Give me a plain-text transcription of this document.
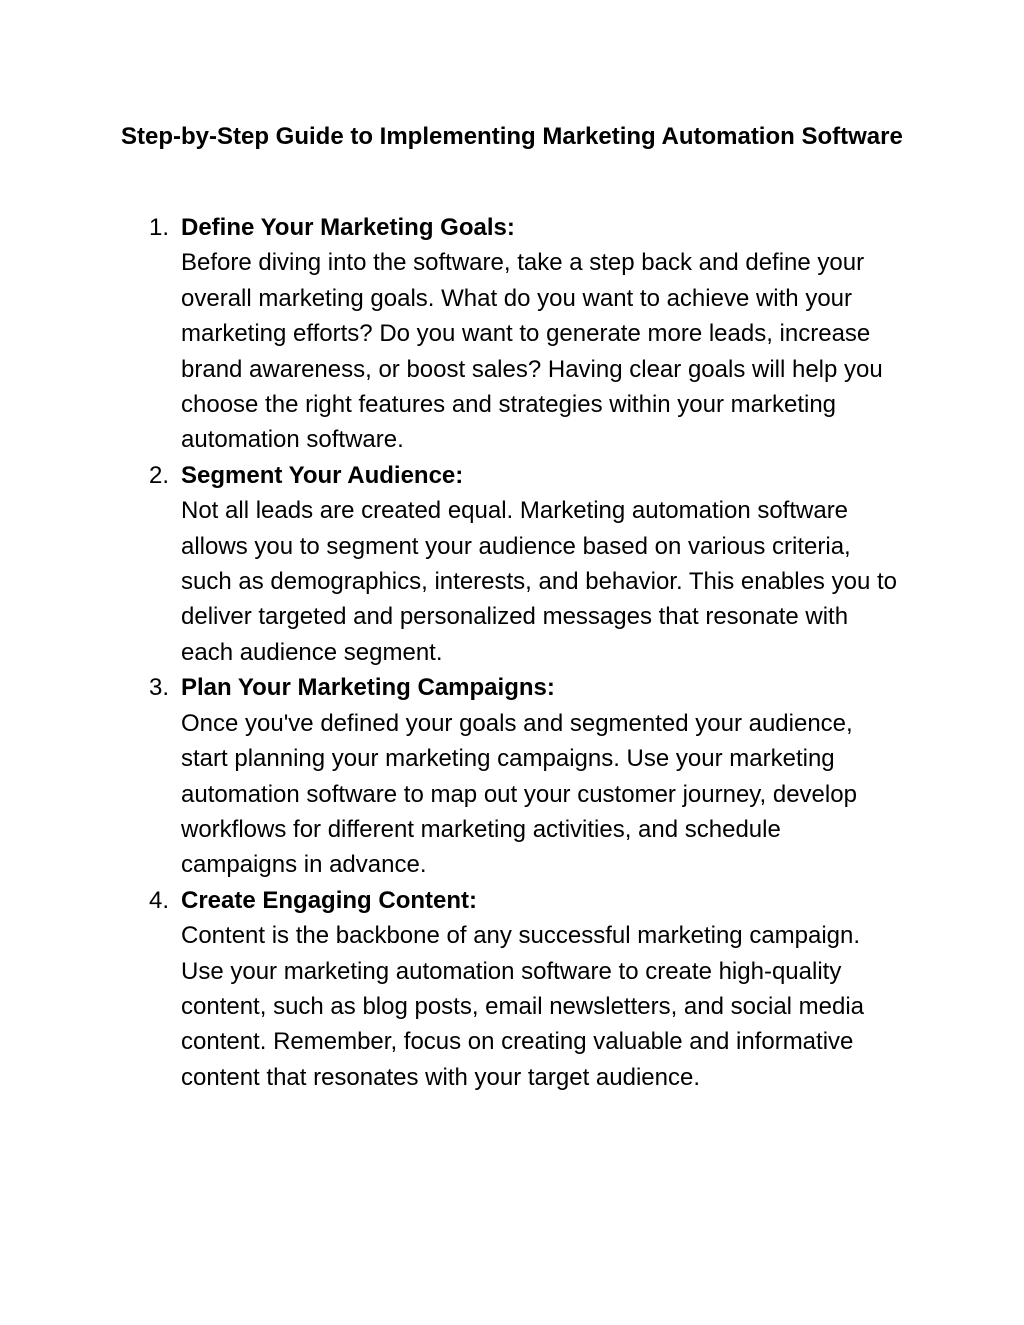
Step-by-Step Guide to Implementing Marketing Automation Software
1. Define Your Marketing Goals:
Before diving into the software, take a step back and define your overall marketing goals. What do you want to achieve with your marketing efforts? Do you want to generate more leads, increase brand awareness, or boost sales? Having clear goals will help you choose the right features and strategies within your marketing automation software.
2. Segment Your Audience:
Not all leads are created equal. Marketing automation software allows you to segment your audience based on various criteria, such as demographics, interests, and behavior. This enables you to deliver targeted and personalized messages that resonate with each audience segment.
3. Plan Your Marketing Campaigns:
Once you've defined your goals and segmented your audience, start planning your marketing campaigns. Use your marketing automation software to map out your customer journey, develop workflows for different marketing activities, and schedule campaigns in advance.
4. Create Engaging Content:
Content is the backbone of any successful marketing campaign. Use your marketing automation software to create high-quality content, such as blog posts, email newsletters, and social media content. Remember, focus on creating valuable and informative content that resonates with your target audience.
